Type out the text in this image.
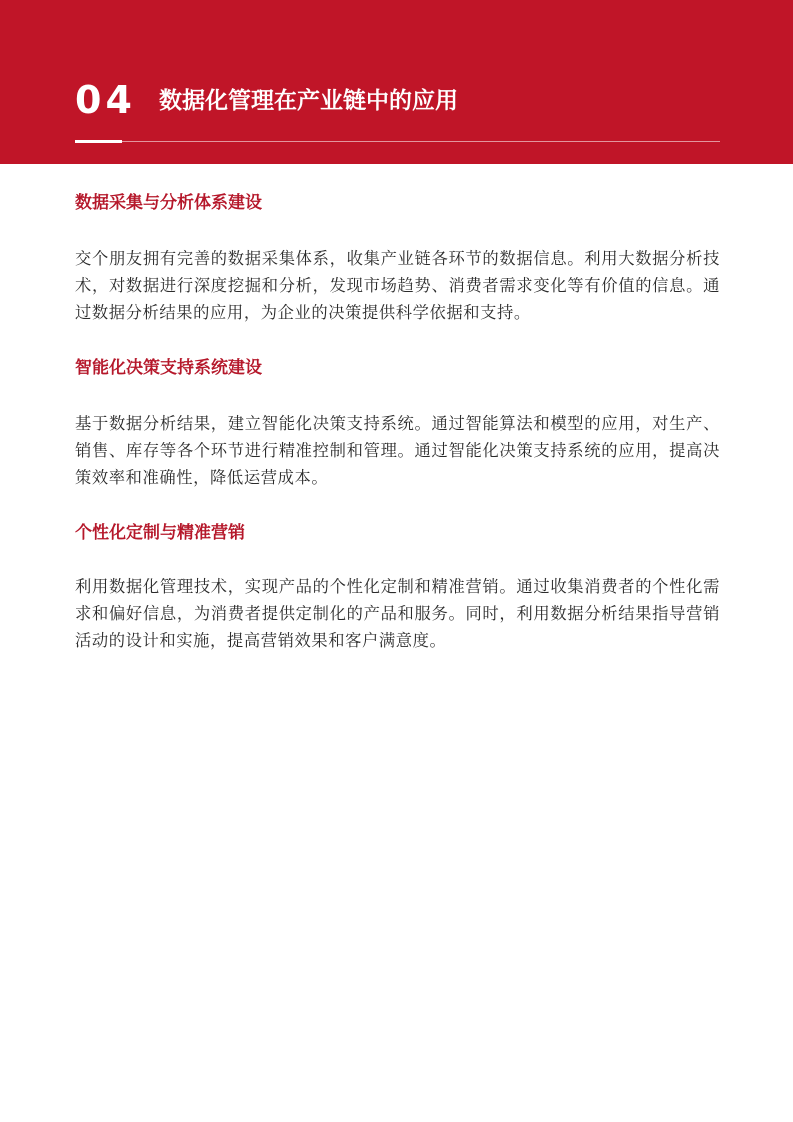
04 数据化管理在产业链中的应用
数据采集与分析体系建设

交个朋友拥有完善的数据采集体系，收集产业链各环节的数据信息。利用大数据分析技术，对数据进行深度挖掘和分析，发现市场趋势、消费者需求变化等有价值的信息。通过数据分析结果的应用，为企业的决策提供科学依据和支持。

智能化决策支持系统建设

基于数据分析结果，建立智能化决策支持系统。通过智能算法和模型的应用，对生产、销售、库存等各个环节进行精准控制和管理。通过智能化决策支持系统的应用，提高决策效率和准确性，降低运营成本。

个性化定制与精准营销

利用数据化管理技术，实现产品的个性化定制和精准营销。通过收集消费者的个性化需求和偏好信息，为消费者提供定制化的产品和服务。同时，利用数据分析结果指导营销活动的设计和实施，提高营销效果和客户满意度。
